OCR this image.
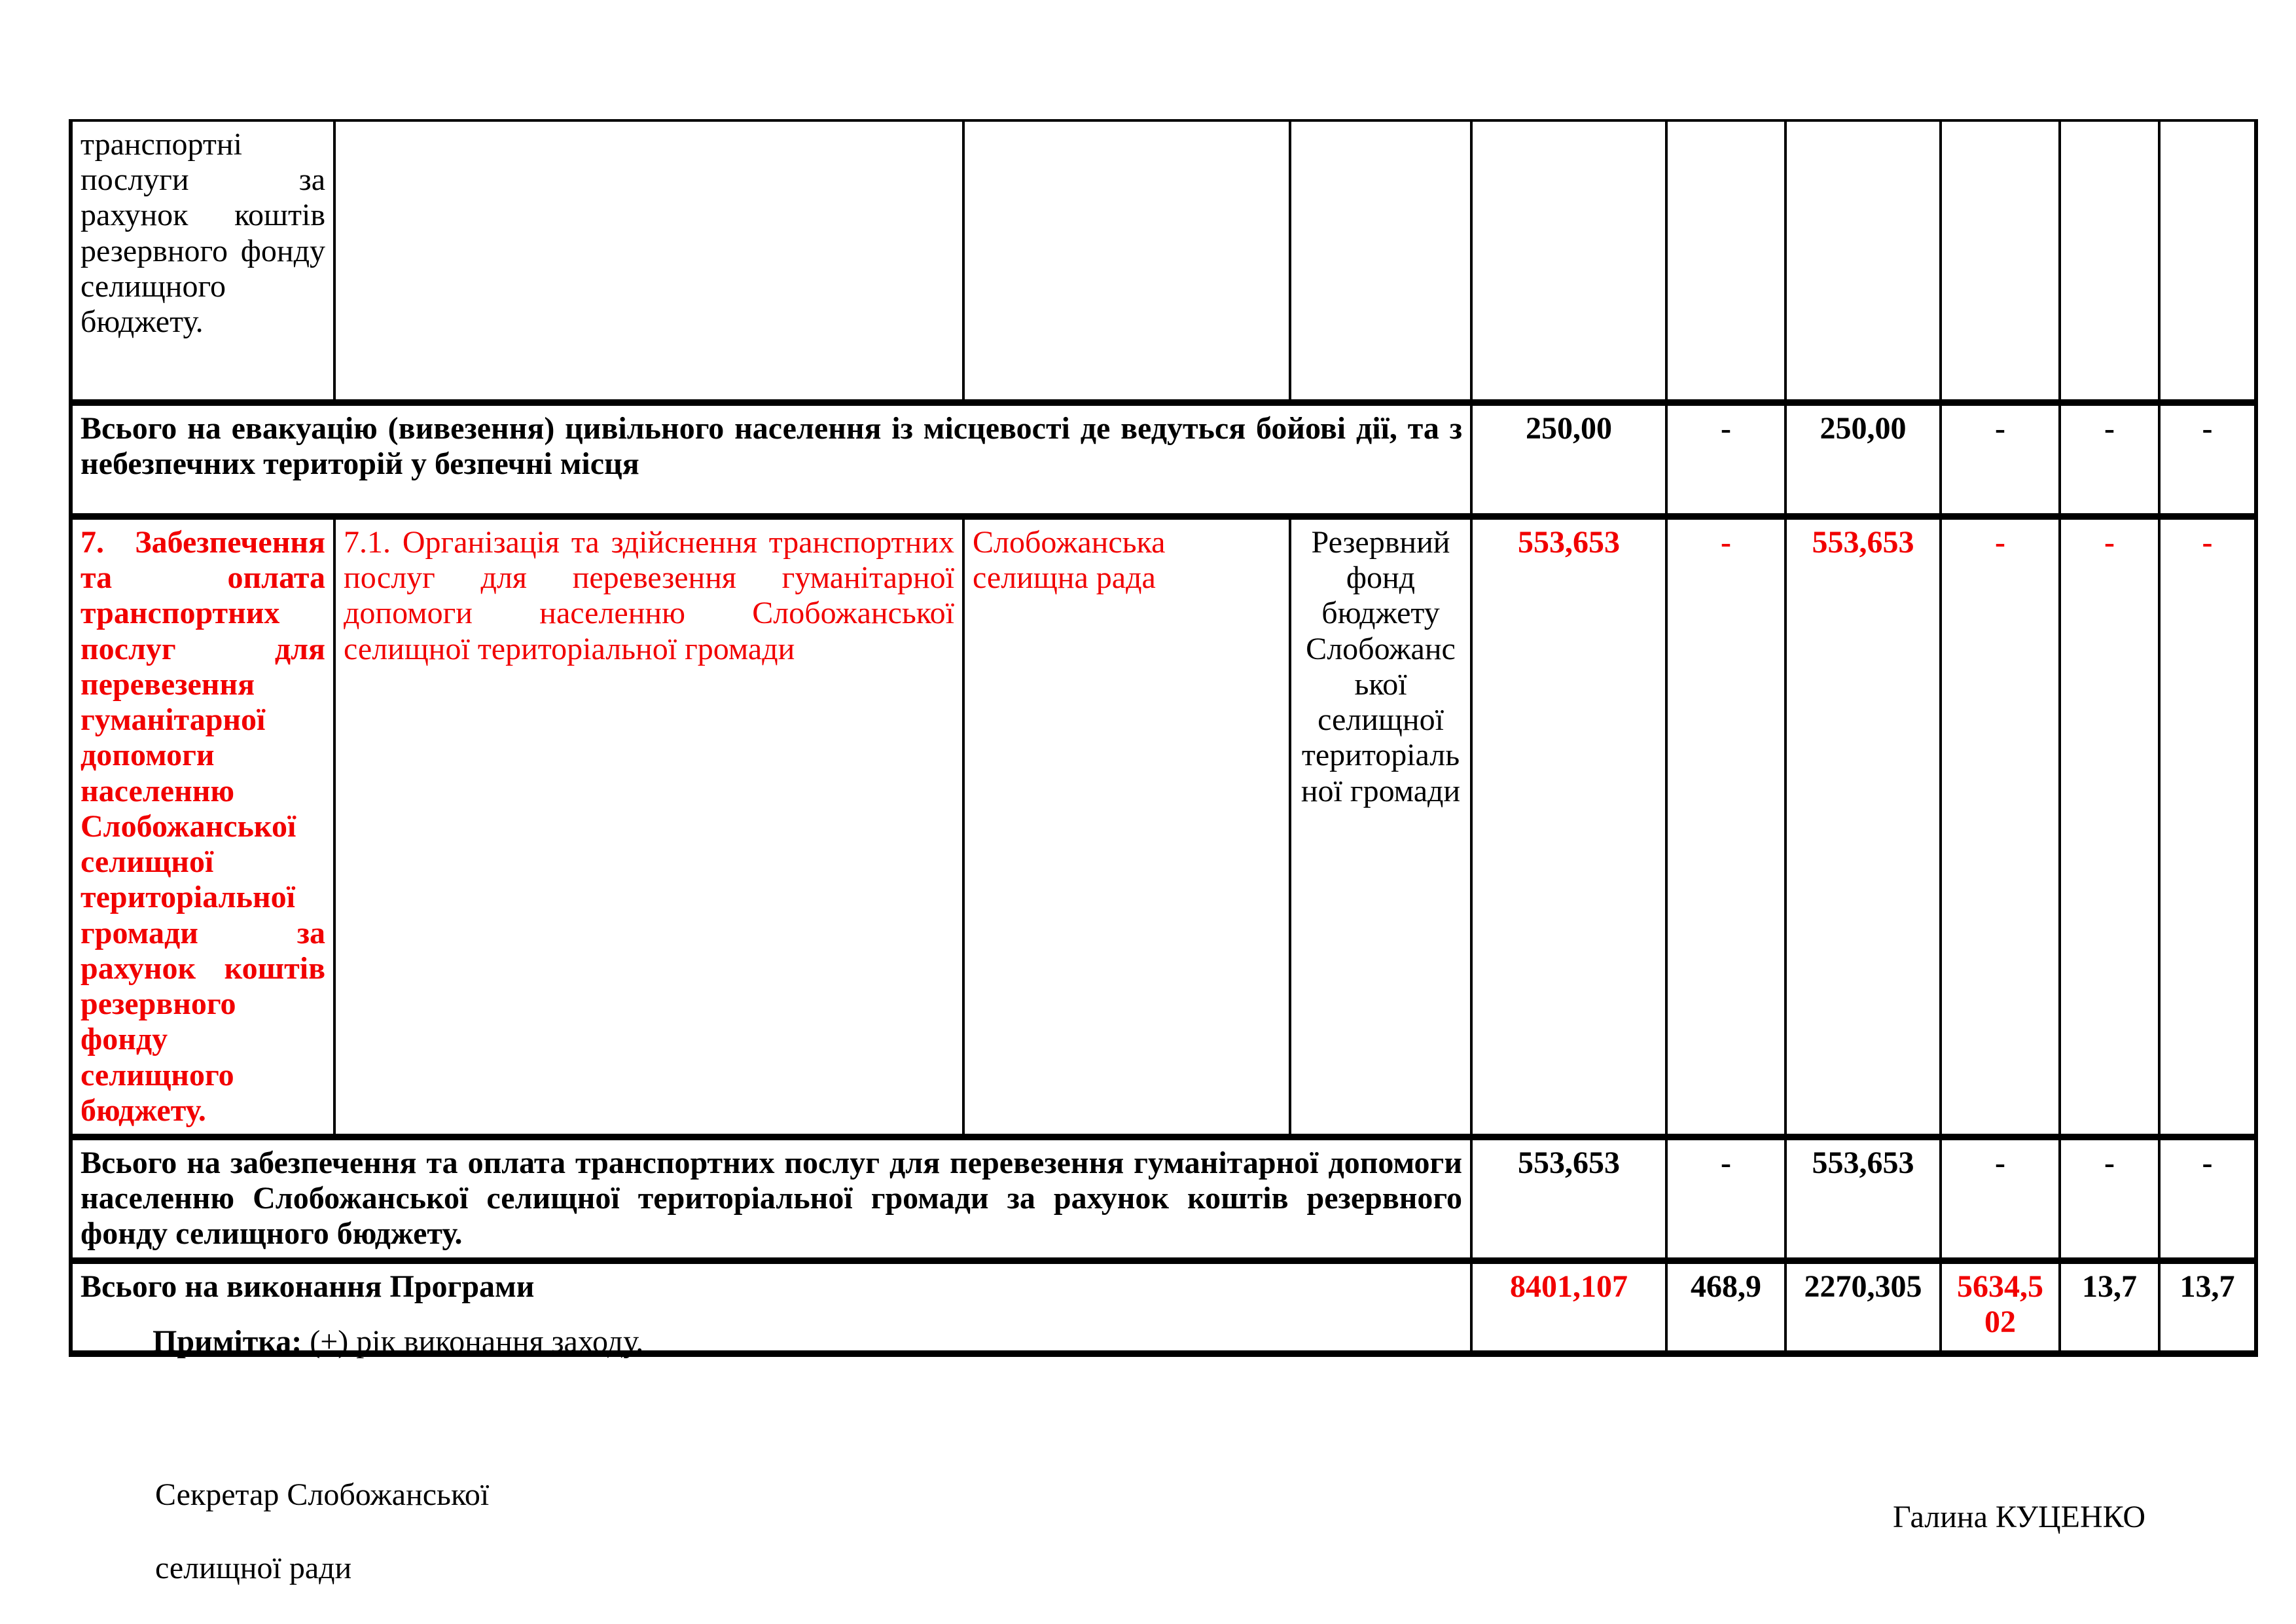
транспортні послуги за рахунок коштів резервного фонду селищного бюджету.									
Всього на евакуацію (вивезення) цивільного населення із місцевості де ведуться бойові дії, та з небезпечних територій у безпечні місця				250,00	-	250,00	-	-	-
7. Забезпечення та оплата транспортних послуг для перевезення гуманітарної допомоги населенню Слобожанської селищної територіальної громади за рахунок коштів резервного фонду селищного бюджету.	7.1. Організація та здійснення транспортних послуг для перевезення гуманітарної допомоги населенню Слобожанської селищної територіальної громади	Слобожанська селищна рада	Резервний фонд бюджету Слобожанської селищної територіальної громади	553,653	-	553,653	-	-	-
Всього на забезпечення та оплата транспортних послуг для перевезення гуманітарної допомоги населенню Слобожанської селищної територіальної громади за рахунок коштів резервного фонду селищного бюджету.				553,653	-	553,653	-	-	-
Всього на виконання Програми				8401,107	468,9	2270,305	5634,502	13,7	13,7
Примітка: (+) рік виконання заходу.
Секретар Слобожанської
селищної ради
Галина КУЦЕНКО
